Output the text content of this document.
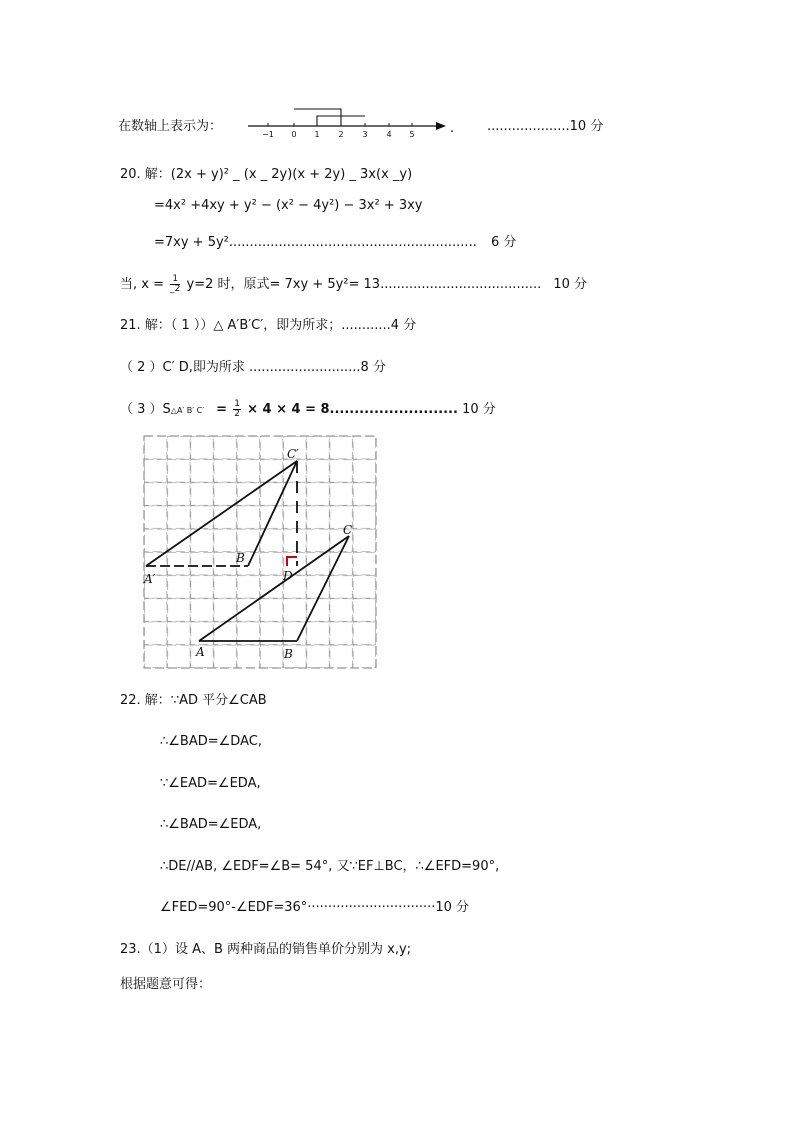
在数轴上表示为：
−1 0 1 2 3 4 5	.	....................10 分
20. 解：(2x + y)² _ (x _ 2y)(x + 2y) _ 3x(x _y)
=4x² +4xy + y² − (x² − 4y²) − 3x² + 3xy
=7xy + 5y²............................................................ 6 分
当, $x = \frac{1}{\_2} y=2$ 时，原式= 7xy + 5y²= 13....................................... 10 分
21. 解：（ 1 ））△ A′B′C′，即为所求；............4 分
（ 2 ）C′ D,即为所求 ...........................8 分
（ 3 ）S△A′ B′ $C' = \frac{1}{2} \times 4 \times 4 = 8$.......................... 10 分
C′
B
A′	D
C
A	B
22. 解：∵AD 平分∠CAB
∴∠BAD=∠DAC,
∵∠EAD=∠EDA,
∴∠BAD=∠EDA,
∴DE//AB, ∠EDF=∠B= 54°, 又∵EF⊥BC，∴∠EFD=90°,
∠FED=90°-∠EDF=36°·······························10 分
23.（1）设 A、B 两种商品的销售单价分别为 x,y;
根据题意可得：
